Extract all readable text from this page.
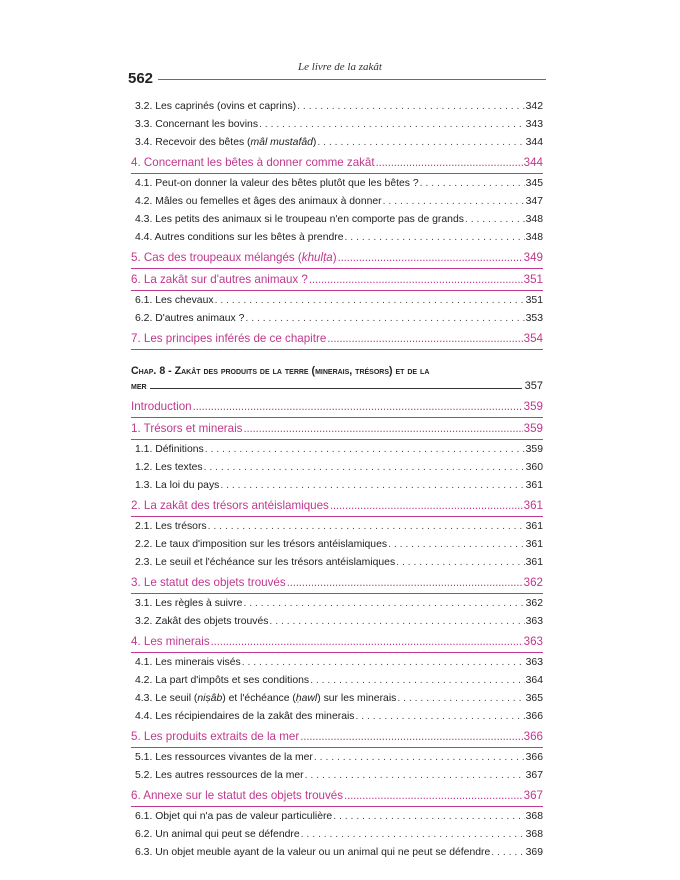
Le livre de la zakât
562
3.2. Les caprinés (ovins et caprins) . . .	342
3.3. Concernant les bovins . . .	343
3.4. Recevoir des bêtes (mâl mustafâd) . . .	344
4. Concernant les bêtes à donner comme zakât .....	344
4.1. Peut-on donner la valeur des bêtes plutôt que les bêtes ? . . .	345
4.2. Mâles ou femelles et âges des animaux à donner . . .	347
4.3. Les petits des animaux si le troupeau n'en comporte pas de grands . . .	348
4.4. Autres conditions sur les bêtes à prendre . . .	348
5. Cas des troupeaux mélangés (khulṭa) .....	349
6. La zakât sur d'autres animaux ? .....	351
6.1. Les chevaux . . .	351
6.2. D'autres animaux ? . . .	353
7. Les principes inférés de ce chapitre .....	354
Chap. 8 - Zakât des produits de la terre (minerais, trésors) et de la
mer	357
Introduction .....	359
1. Trésors et minerais .....	359
1.1. Définitions . . .	359
1.2. Les textes . . .	360
1.3. La loi du pays . . .	361
2. La zakât des trésors antéislamiques .....	361
2.1. Les trésors . . .	361
2.2. Le taux d'imposition sur les trésors antéislamiques . . .	361
2.3. Le seuil et l'échéance sur les trésors antéislamiques . . .	361
3. Le statut des objets trouvés .....	362
3.1. Les règles à suivre . . .	362
3.2. Zakât des objets trouvés . . .	363
4. Les minerais .....	363
4.1. Les minerais visés . . .	363
4.2. La part d'impôts et ses conditions . . .	364
4.3. Le seuil (niṣâb) et l'échéance (ḥawl) sur les minerais . . .	365
4.4. Les récipiendaires de la zakât des minerais . . .	366
5. Les produits extraits de la mer .....	366
5.1. Les ressources vivantes de la mer . . .	366
5.2. Les autres ressources de la mer . . .	367
6. Annexe sur le statut des objets trouvés .....	367
6.1. Objet qui n'a pas de valeur particulière . . .	368
6.2. Un animal qui peut se défendre . . .	368
6.3. Un objet meuble ayant de la valeur ou un animal qui ne peut se défendre . . .	369
